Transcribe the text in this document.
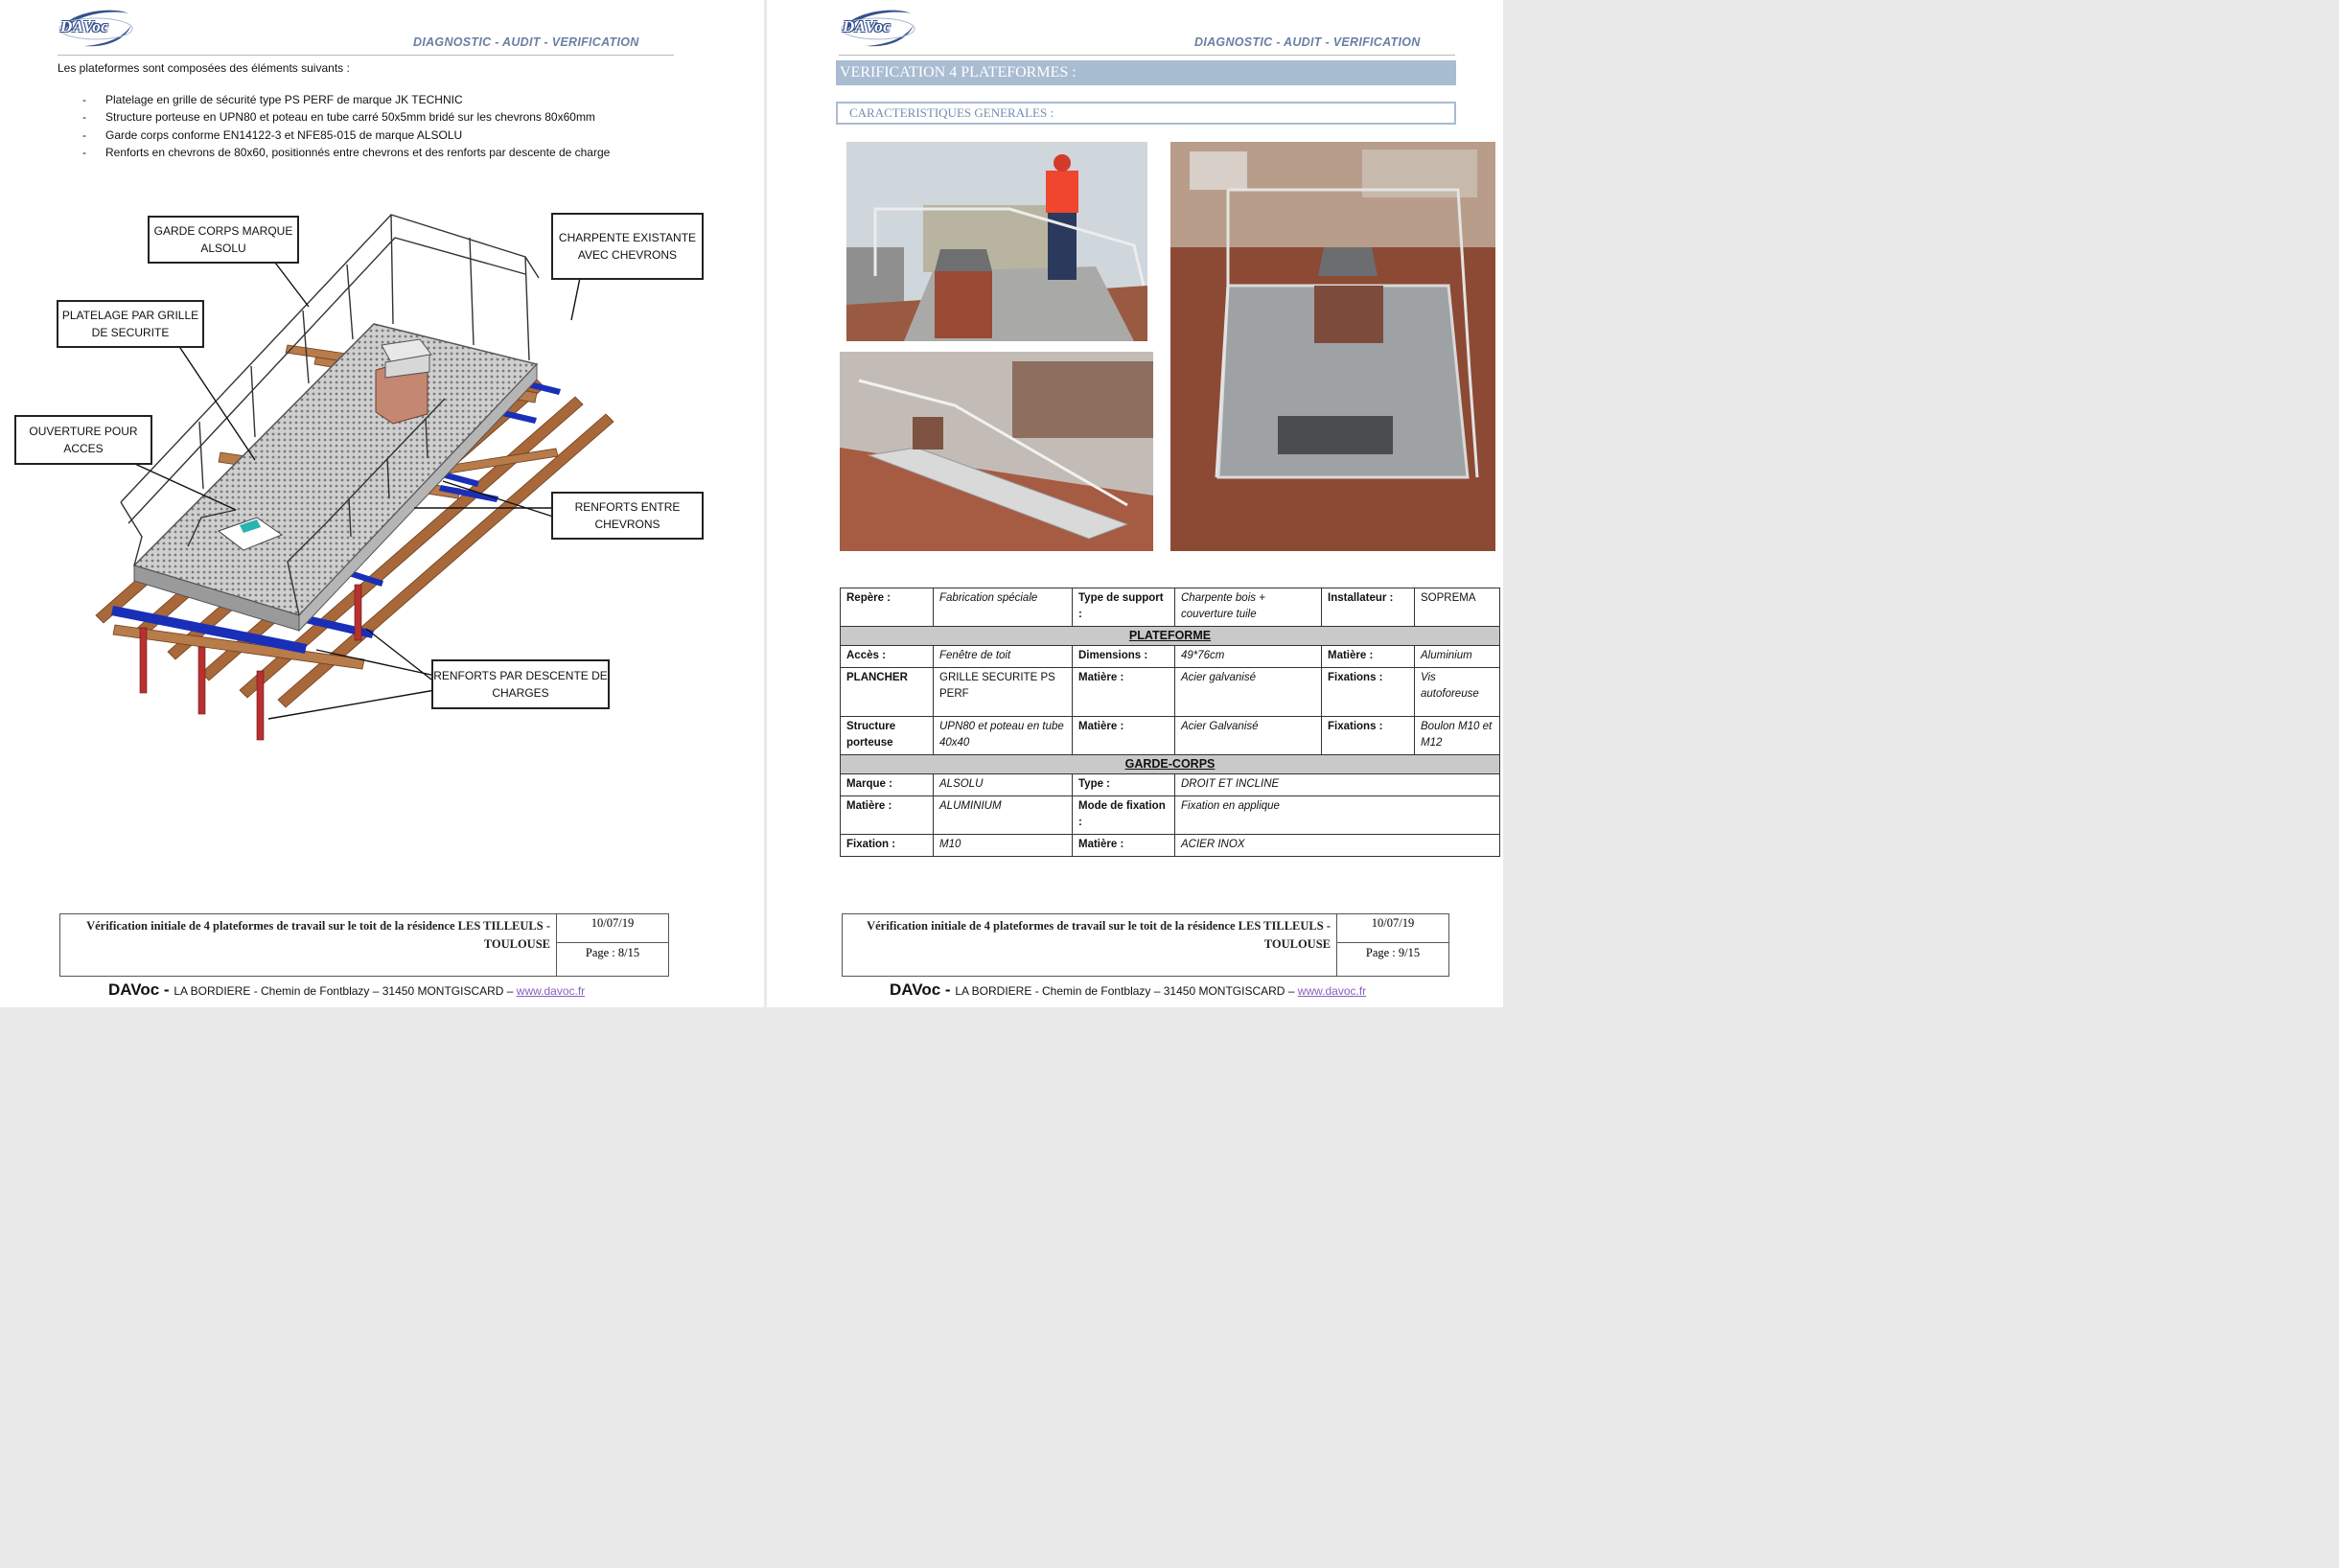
DAVoc
DIAGNOSTIC - AUDIT - VERIFICATION
Les plateformes sont composées des éléments suivants :
- Platelage en grille de sécurité type PS PERF de marque JK TECHNIC
- Structure porteuse en UPN80 et poteau en tube carré 50x5mm bridé sur les chevrons 80x60mm
- Garde corps conforme EN14122-3 et NFE85-015 de marque ALSOLU
- Renforts en chevrons de 80x60, positionnés entre chevrons et des renforts par descente de charge
GARDE CORPS MARQUE ALSOLU
CHARPENTE EXISTANTE AVEC CHEVRONS
PLATELAGE PAR GRILLE DE SECURITE
OUVERTURE POUR ACCES
RENFORTS ENTRE CHEVRONS
RENFORTS PAR DESCENTE DE CHARGES
Vérification initiale de 4 plateformes de travail sur le toit de la résidence LES TILLEULS - TOULOUSE
10/07/19
Page : 8/15
DAVoc - LA BORDIERE - Chemin de Fontblazy – 31450 MONTGISCARD – www.davoc.fr
DAVoc
DIAGNOSTIC - AUDIT - VERIFICATION
VERIFICATION 4 PLATEFORMES :
CARACTERISTIQUES GENERALES :
Repère :	Fabrication spéciale	Type de support :	Charpente bois + couverture tuile	Installateur :	SOPREMA
PLATEFORME					
Accès :	Fenêtre de toit	Dimensions :	49*76cm	Matière :	Aluminium
PLANCHER	GRILLE SECURITE PS PERF	Matière :	Acier galvanisé	Fixations :	Vis autoforeuse
Structure porteuse	UPN80 et poteau en tube 40x40	Matière :	Acier Galvanisé	Fixations :	Boulon M10 et M12
GARDE-CORPS					
Marque :	ALSOLU	Type :	DROIT ET INCLINE		
Matière :	ALUMINIUM	Mode de fixation :	Fixation en applique		
Fixation :	M10	Matière :	ACIER INOX		
Vérification initiale de 4 plateformes de travail sur le toit de la résidence LES TILLEULS - TOULOUSE
10/07/19
Page : 9/15
DAVoc - LA BORDIERE - Chemin de Fontblazy – 31450 MONTGISCARD – www.davoc.fr
